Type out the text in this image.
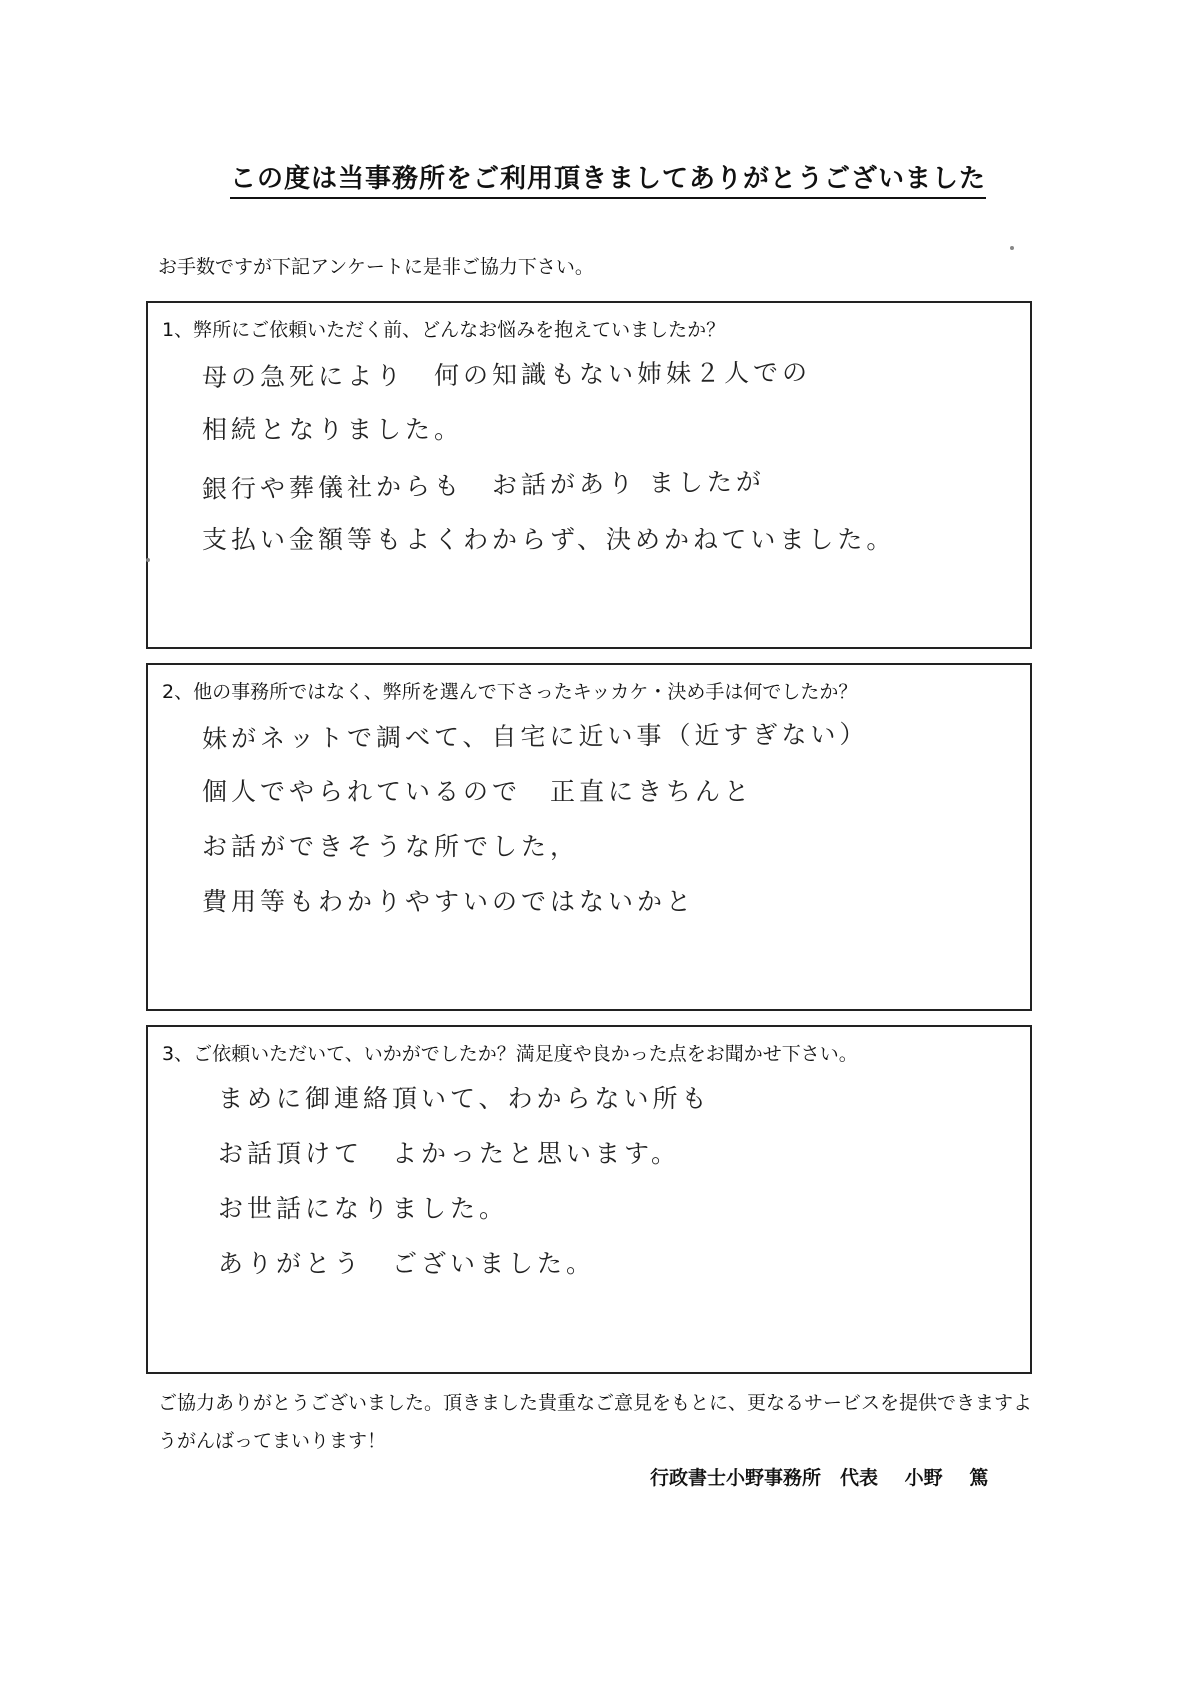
この度は当事務所をご利用頂きましてありがとうございました
お手数ですが下記アンケートに是非ご協力下さい。
1、弊所にご依頼いただく前、どんなお悩みを抱えていましたか？
母の急死により　何の知識もない姉妹２人での
相続となりました。
銀行や葬儀社からも　お話があり ましたが
支払い金額等もよくわからず、決めかねていました。
2、他の事務所ではなく、弊所を選んで下さったキッカケ・決め手は何でしたか？
妹がネットで調べて、自宅に近い事（近すぎない）
個人でやられているので　正直にきちんと
お話ができそうな所でした，
費用等もわかりやすいのではないかと
3、ご依頼いただいて、いかがでしたか？満足度や良かった点をお聞かせ下さい。
まめに御連絡頂いて、わからない所も
お話頂けて　よかったと思います。
お世話になりました。
ありがとう　ございました。
ご協力ありがとうございました。頂きました貴重なご意見をもとに、更なるサービスを提供できますようがんばってまいります！
行政書士小野事務所　代表 小野 篤
